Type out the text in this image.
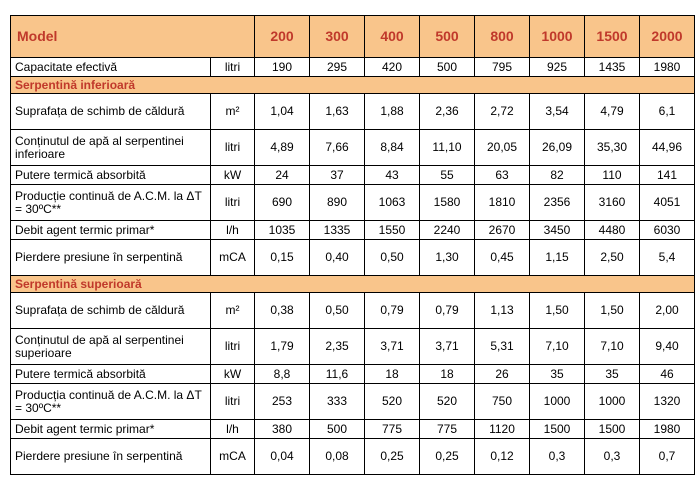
Model		200	300	400	500	800	1000	1500	2000
Capacitate efectivă	litri	190	295	420	500	795	925	1435	1980
Serpentină inferioară									
Suprafața de schimb de căldură	m²	1,04	1,63	1,88	2,36	2,72	3,54	4,79	6,1
Conținutul de apă al serpentinei inferioare	litri	4,89	7,66	8,84	11,10	20,05	26,09	35,30	44,96
Putere termică absorbită	kW	24	37	43	55	63	82	110	141
Producție continuă de A.C.M. la ΔT = 30ºC**	litri	690	890	1063	1580	1810	2356	3160	4051
Debit agent termic primar*	l/h	1035	1335	1550	2240	2670	3450	4480	6030
Pierdere presiune în serpentină	mCA	0,15	0,40	0,50	1,30	0,45	1,15	2,50	5,4
Serpentină superioară									
Suprafața de schimb de căldură	m²	0,38	0,50	0,79	0,79	1,13	1,50	1,50	2,00
Conținutul de apă al serpentinei superioare	litri	1,79	2,35	3,71	3,71	5,31	7,10	7,10	9,40
Putere termică absorbită	kW	8,8	11,6	18	18	26	35	35	46
Producția continuă de A.C.M. la ΔT = 30ºC**	litri	253	333	520	520	750	1000	1000	1320
Debit agent termic primar*	l/h	380	500	775	775	1120	1500	1500	1980
Pierdere presiune în serpentină	mCA	0,04	0,08	0,25	0,25	0,12	0,3	0,3	0,7
